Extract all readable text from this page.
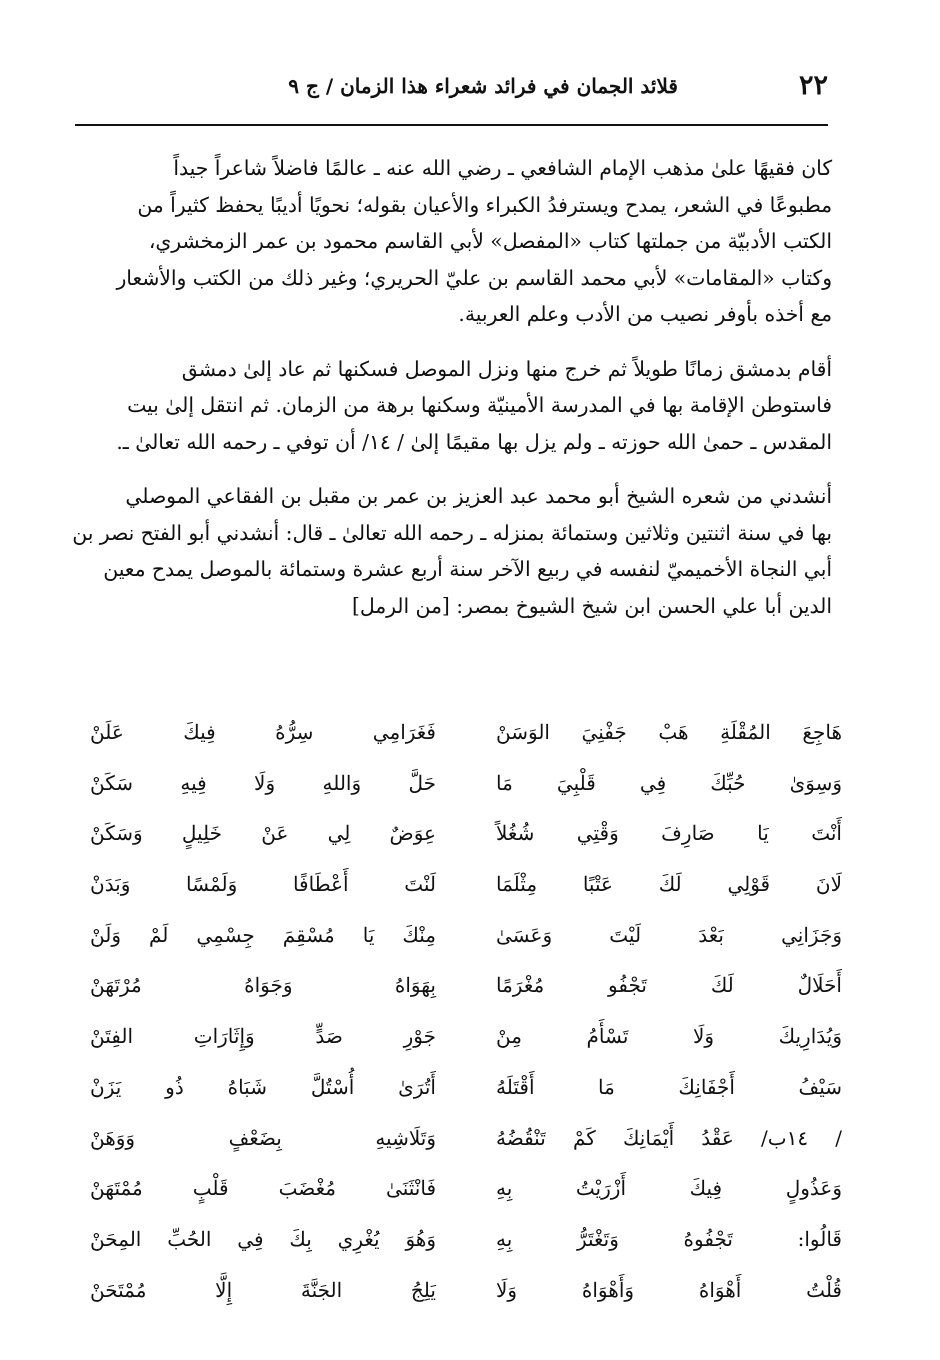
٢٢
قلائد الجمان في فرائد شعراء هذا الزمان / ج ٩

كان فقيهًا علىٰ مذهب الإمام الشافعي ـ رضي الله عنه ـ عالمًا فاضلاً شاعراً جيداً
مطبوعًا في الشعر، يمدح ويسترفدُ الكبراء والأعيان بقوله؛ نحويًا أديبًا يحفظ كثيراً من
الكتب الأدبيّة من جملتها كتاب «المفصل» لأبي القاسم محمود بن عمر الزمخشري،
وكتاب «المقامات» لأبي محمد القاسم بن عليّ الحريري؛ وغير ذلك من الكتب والأشعار
مع أخذه بأوفر نصيب من الأدب وعلم العربية.

أقام بدمشق زمانًا طويلاً ثم خرج منها ونزل الموصل فسكنها ثم عاد إلىٰ دمشق
فاستوطن الإقامة بها في المدرسة الأمينيّة وسكنها برهة من الزمان. ثم انتقل إلىٰ بيت
المقدس ـ حمىٰ الله حوزته ـ ولم يزل بها مقيمًا إلىٰ / ١٤/ أن توفي ـ رحمه الله تعالىٰ ـ.

أنشدني من شعره الشيخ أبو محمد عبد العزيز بن عمر بن مقبل بن الفقاعي الموصلي
بها في سنة اثنتين وثلاثين وستمائة بمنزله ـ رحمه الله تعالىٰ ـ قال: أنشدني أبو الفتح نصر بن
أبي النجاة الأخميميّ لنفسه في ربيع الآخر سنة أربع عشرة وستمائة بالموصل يمدح معين
الدين أبا علي الحسن ابن شيخ الشيوخ بمصر: [من الرمل]

هَاجِعَ المُقْلَةِ هَبْ جَفْنِيَ الوَسَنْ
فَغَرَامِي سِرُّهُ فِيكَ عَلَنْ
وَسِوَىٰ حُبِّكَ فِي قَلْبِيَ مَا
حَلَّ وَاللهِ وَلَا فِيهِ سَكَنْ
أَنْتَ يَا صَارِفَ وَقْتِي شُغُلاً
عِوَضٌ لِي عَنْ خَلِيلٍ وَسَكَنْ
لَانَ قَوْلِي لَكَ عَتْبًا مِثْلَمَا
لَنْتَ أَعْطَافًا وَلَمْسًا وَبَدَنْ
وَجَزَانِي بَعْدَ لَيْتَ وَعَسَىٰ
مِنْكَ يَا مُسْقِمَ جِسْمِي لَمْ وَلَنْ
أَحَلَالٌ لَكَ تَجْفُو مُغْرَمًا
بِهَوَاهُ وَجَوَاهُ مُرْتَهَنْ
وَيُدَارِيكَ وَلَا تَسْأَمُ مِنْ
جَوْرِ صَدٍّ وَإِثَارَاتِ الفِتَنْ
سَيْفُ أَجْفَانِكَ مَا أَقْتَلَهُ
أَتُرَىٰ أُسْتُلَّ شَبَاهُ ذُو يَزَنْ
/ ١٤ب/ عَقْدُ أَيْمَانِكَ كَمْ تَنْقُضُهُ
وَتَلَاشِيهِ بِضَعْفٍ وَوَهَنْ
وَعَذُولٍ فِيكَ أَزْرَيْتُ بِهِ
فَانْثَنَىٰ مُغْضَبَ قَلْبٍ مُمْتَهَنْ
قَالُوا: تَجْفُوهُ وَتَغْتَرُّ بِهِ
وَهُوَ يُغْرِي بِكَ فِي الحُبِّ المِحَنْ
قُلْتُ أَهْوَاهُ وَأَهْوَاهُ وَلَا
يَلِجُ الجَنَّةَ إِلَّا مُمْتَحَنْ
